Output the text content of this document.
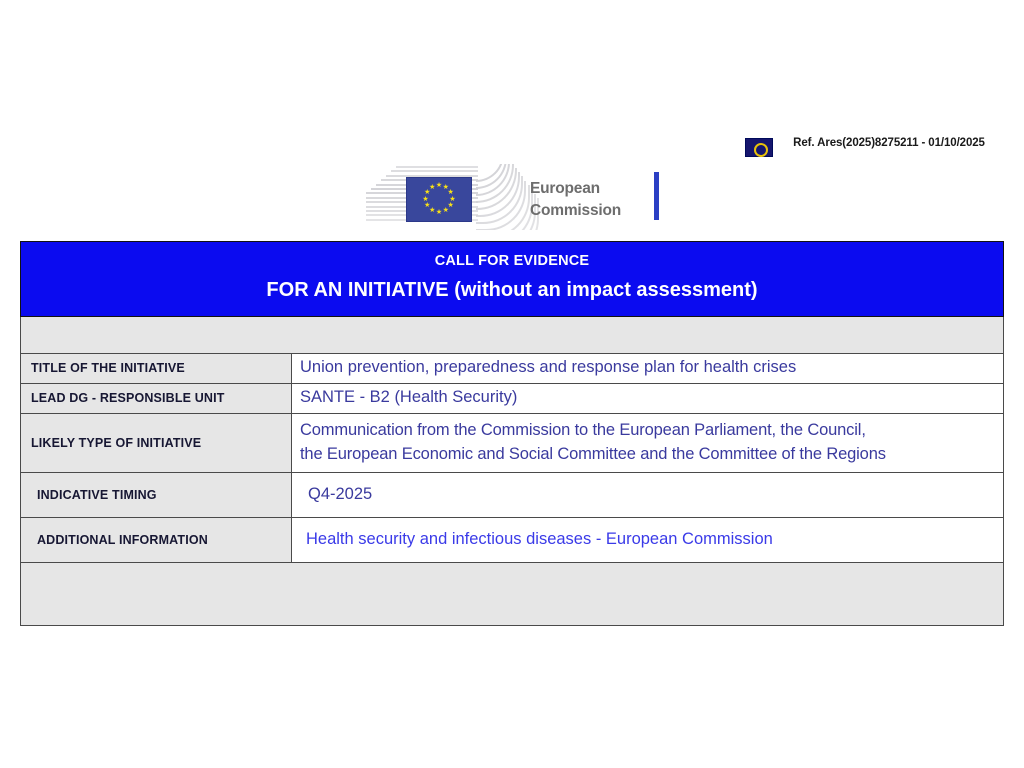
Ref. Ares(2025)8275211 - 01/10/2025
★ ★
★
★
★
★
★
★
★
★
★
★	European
Commission
CALL FOR EVIDENCE
FOR AN INITIATIVE (without an impact assessment)	

TITLE OF THE INITIATIVE	Union prevention, preparedness and response plan for health crises
LEAD DG - RESPONSIBLE UNIT	SANTE - B2 (Health Security)
LIKELY TYPE OF INITIATIVE	Communication from the Commission to the European Parliament, the Council,
the European Economic and Social Committee and the Committee of the Regions

INDICATIVE TIMING	Q4-2025
ADDITIONAL INFORMATION	Health security and infectious diseases - European Commission
